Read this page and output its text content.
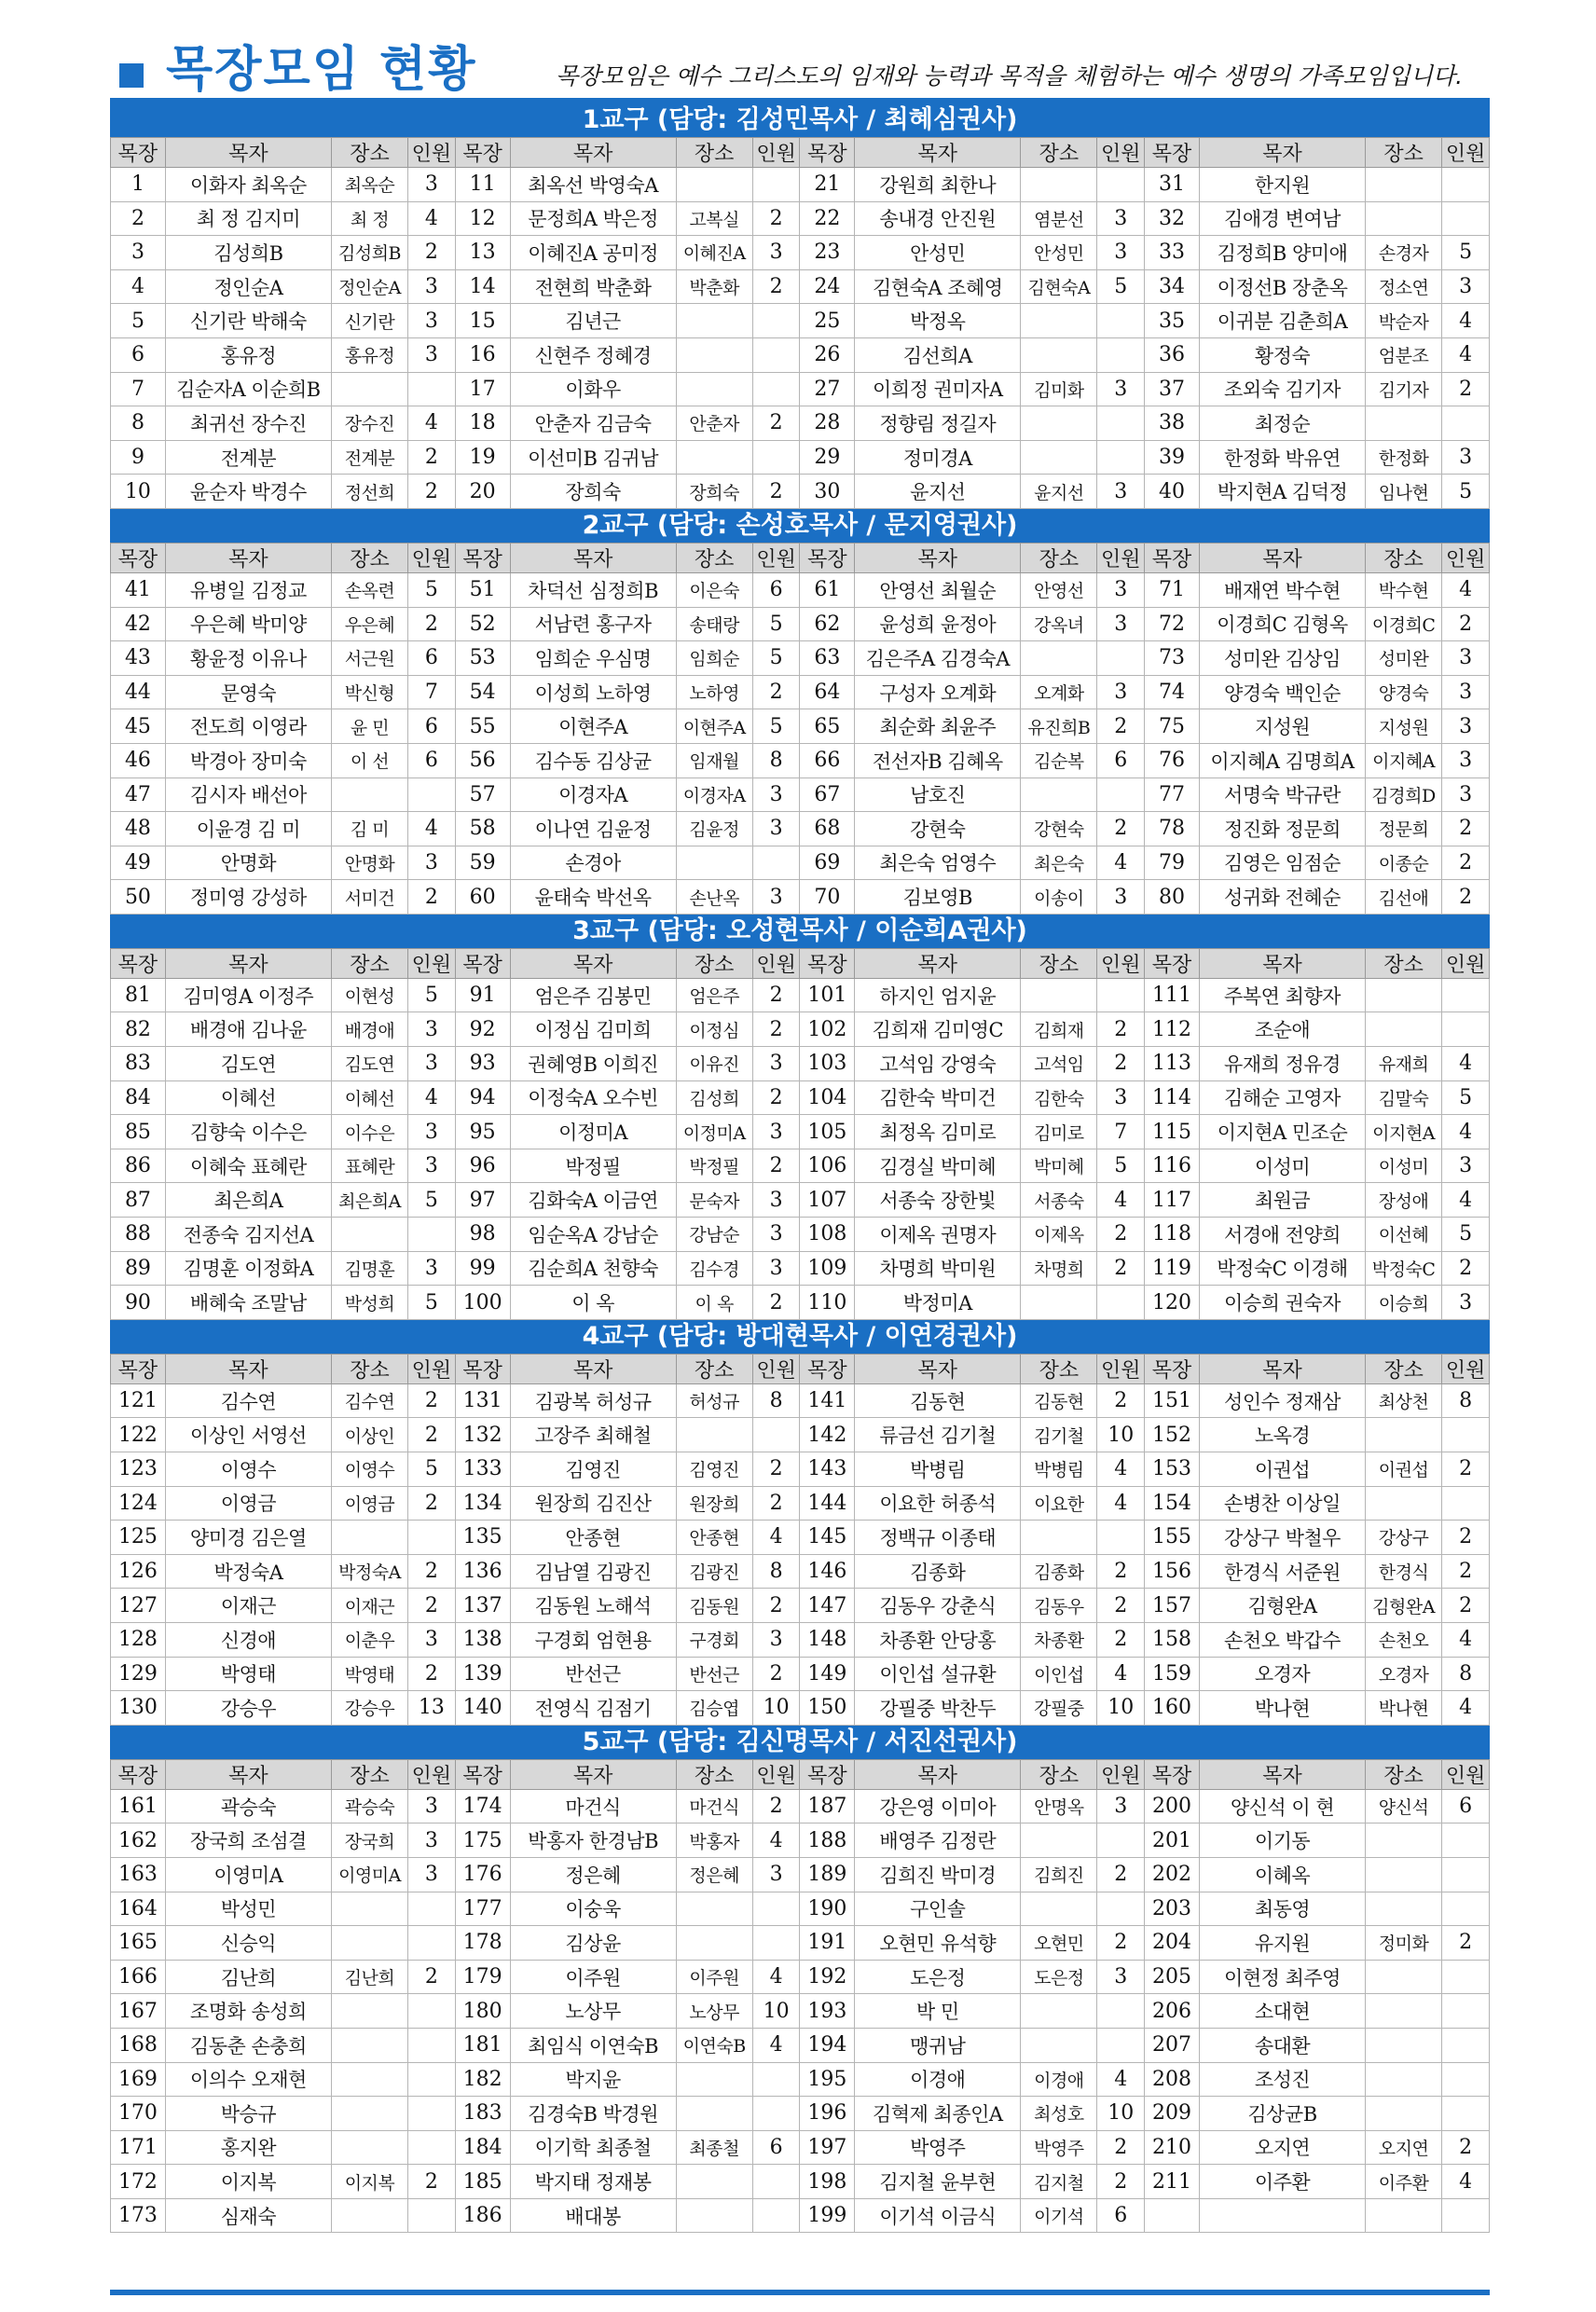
목장모임 현황	목장모임은 예수 그리스도의 임재와 능력과 목적을 체험하는 예수 생명의 가족모임입니다.
1교구 (담당: 김성민목사 / 최혜심권사)
목장	목자	장소	인원	목장	목자	장소	인원	목장	목자	장소	인원	목장	목자	장소	인원
1	이화자 최옥순	최옥순	3	11	최옥선 박영숙A			21	강원희 최한나			31	한지원		
2	최 정 김지미	최 정	4	12	문정희A 박은정	고복실	2	22	송내경 안진원	염분선	3	32	김애경 변여남		
3	김성희B	김성희B	2	13	이혜진A 공미정	이혜진A	3	23	안성민	안성민	3	33	김정희B 양미애	손경자	5
4	정인순A	정인순A	3	14	전현희 박춘화	박춘화	2	24	김현숙A 조혜영	김현숙A	5	34	이정선B 장춘옥	정소연	3
5	신기란 박해숙	신기란	3	15	김년근			25	박정옥			35	이귀분 김춘희A	박순자	4
6	홍유정	홍유정	3	16	신현주 정혜경			26	김선희A			36	황정숙	엄분조	4
7	김순자A 이순희B			17	이화우			27	이희정 권미자A	김미화	3	37	조외숙 김기자	김기자	2
8	최귀선 장수진	장수진	4	18	안춘자 김금숙	안춘자	2	28	정향림 정길자			38	최정순		
9	전계분	전계분	2	19	이선미B 김귀남			29	정미경A			39	한정화 박유연	한정화	3
10	윤순자 박경수	정선희	2	20	장희숙	장희숙	2	30	윤지선	윤지선	3	40	박지현A 김덕정	임나현	5
2교구 (담당: 손성호목사 / 문지영권사)
목장	목자	장소	인원	목장	목자	장소	인원	목장	목자	장소	인원	목장	목자	장소	인원
41	유병일 김정교	손옥련	5	51	차덕선 심정희B	이은숙	6	61	안영선 최월순	안영선	3	71	배재연 박수현	박수현	4
42	우은혜 박미양	우은혜	2	52	서남련 홍구자	송태랑	5	62	윤성희 윤정아	강옥녀	3	72	이경희C 김형옥	이경희C	2
43	황윤정 이유나	서근원	6	53	임희순 우심명	임희순	5	63	김은주A 김경숙A			73	성미완 김상임	성미완	3
44	문영숙	박신형	7	54	이성희 노하영	노하영	2	64	구성자 오계화	오계화	3	74	양경숙 백인순	양경숙	3
45	전도희 이영라	윤 민	6	55	이현주A	이현주A	5	65	최순화 최윤주	유진희B	2	75	지성원	지성원	3
46	박경아 장미숙	이 선	6	56	김수동 김상균	임재월	8	66	전선자B 김혜옥	김순복	6	76	이지혜A 김명희A	이지혜A	3
47	김시자 배선아			57	이경자A	이경자A	3	67	남호진			77	서명숙 박규란	김경희D	3
48	이윤경 김 미	김 미	4	58	이나연 김윤정	김윤정	3	68	강현숙	강현숙	2	78	정진화 정문희	정문희	2
49	안명화	안명화	3	59	손경아			69	최은숙 엄영수	최은숙	4	79	김영은 임점순	이종순	2
50	정미영 강성하	서미건	2	60	윤태숙 박선옥	손난옥	3	70	김보영B	이송이	3	80	성귀화 전혜순	김선애	2
3교구 (담당: 오성현목사 / 이순희A권사)
목장	목자	장소	인원	목장	목자	장소	인원	목장	목자	장소	인원	목장	목자	장소	인원
81	김미영A 이정주	이현성	5	91	엄은주 김봉민	엄은주	2	101	하지인 엄지윤			111	주복연 최향자		
82	배경애 김나윤	배경애	3	92	이정심 김미희	이정심	2	102	김희재 김미영C	김희재	2	112	조순애		
83	김도연	김도연	3	93	권혜영B 이희진	이유진	3	103	고석임 강영숙	고석임	2	113	유재희 정유경	유재희	4
84	이혜선	이혜선	4	94	이정숙A 오수빈	김성희	2	104	김한숙 박미건	김한숙	3	114	김해순 고영자	김말숙	5
85	김향숙 이수은	이수은	3	95	이정미A	이정미A	3	105	최정옥 김미로	김미로	7	115	이지현A 민조순	이지현A	4
86	이혜숙 표혜란	표혜란	3	96	박정필	박정필	2	106	김경실 박미혜	박미혜	5	116	이성미	이성미	3
87	최은희A	최은희A	5	97	김화숙A 이금연	문숙자	3	107	서종숙 장한빛	서종숙	4	117	최원금	장성애	4
88	전종숙 김지선A			98	임순옥A 강남순	강남순	3	108	이제옥 권명자	이제옥	2	118	서경애 전양희	이선혜	5
89	김명훈 이정화A	김명훈	3	99	김순희A 천향숙	김수경	3	109	차명희 박미원	차명희	2	119	박정숙C 이경해	박정숙C	2
90	배혜숙 조말남	박성희	5	100	이 옥	이 옥	2	110	박정미A			120	이승희 권숙자	이승희	3
4교구 (담당: 방대현목사 / 이연경권사)
목장	목자	장소	인원	목장	목자	장소	인원	목장	목자	장소	인원	목장	목자	장소	인원
121	김수연	김수연	2	131	김광복 허성규	허성규	8	141	김동현	김동현	2	151	성인수 정재삼	최상천	8
122	이상인 서영선	이상인	2	132	고장주 최해철			142	류금선 김기철	김기철	10	152	노옥경		
123	이영수	이영수	5	133	김영진	김영진	2	143	박병림	박병림	4	153	이권섭	이권섭	2
124	이영금	이영금	2	134	원장희 김진산	원장희	2	144	이요한 허종석	이요한	4	154	손병찬 이상일		
125	양미경 김은열			135	안종현	안종현	4	145	정백규 이종태			155	강상구 박철우	강상구	2
126	박정숙A	박정숙A	2	136	김남열 김광진	김광진	8	146	김종화	김종화	2	156	한경식 서준원	한경식	2
127	이재근	이재근	2	137	김동원 노해석	김동원	2	147	김동우 강춘식	김동우	2	157	김형완A	김형완A	2
128	신경애	이춘우	3	138	구경회 엄현용	구경회	3	148	차종환 안당홍	차종환	2	158	손천오 박갑수	손천오	4
129	박영태	박영태	2	139	반선근	반선근	2	149	이인섭 설규환	이인섭	4	159	오경자	오경자	8
130	강승우	강승우	13	140	전영식 김점기	김승엽	10	150	강필중 박찬두	강필중	10	160	박나현	박나현	4
5교구 (담당: 김신명목사 / 서진선권사)
목장	목자	장소	인원	목장	목자	장소	인원	목장	목자	장소	인원	목장	목자	장소	인원
161	곽승숙	곽승숙	3	174	마건식	마건식	2	187	강은영 이미아	안명옥	3	200	양신석 이 현	양신석	6
162	장국희 조섬결	장국희	3	175	박홍자 한경남B	박홍자	4	188	배영주 김정란			201	이기동		
163	이영미A	이영미A	3	176	정은혜	정은혜	3	189	김희진 박미경	김희진	2	202	이혜옥		
164	박성민			177	이숭욱			190	구인솔			203	최동영		
165	신승익			178	김상윤			191	오현민 유석향	오현민	2	204	유지원	정미화	2
166	김난희	김난희	2	179	이주원	이주원	4	192	도은정	도은정	3	205	이현정 최주영		
167	조명화 송성희			180	노상무	노상무	10	193	박 민			206	소대현		
168	김동춘 손충희			181	최임식 이연숙B	이연숙B	4	194	맹귀남			207	송대환		
169	이의수 오재현			182	박지윤			195	이경애	이경애	4	208	조성진		
170	박승규			183	김경숙B 박경원			196	김혁제 최종인A	최성호	10	209	김상균B		
171	홍지완			184	이기학 최종철	최종철	6	197	박영주	박영주	2	210	오지연	오지연	2
172	이지복	이지복	2	185	박지태 정재봉			198	김지철 윤부현	김지철	2	211	이주환	이주환	4
173	심재숙			186	배대봉			199	이기석 이금식	이기석	6				
